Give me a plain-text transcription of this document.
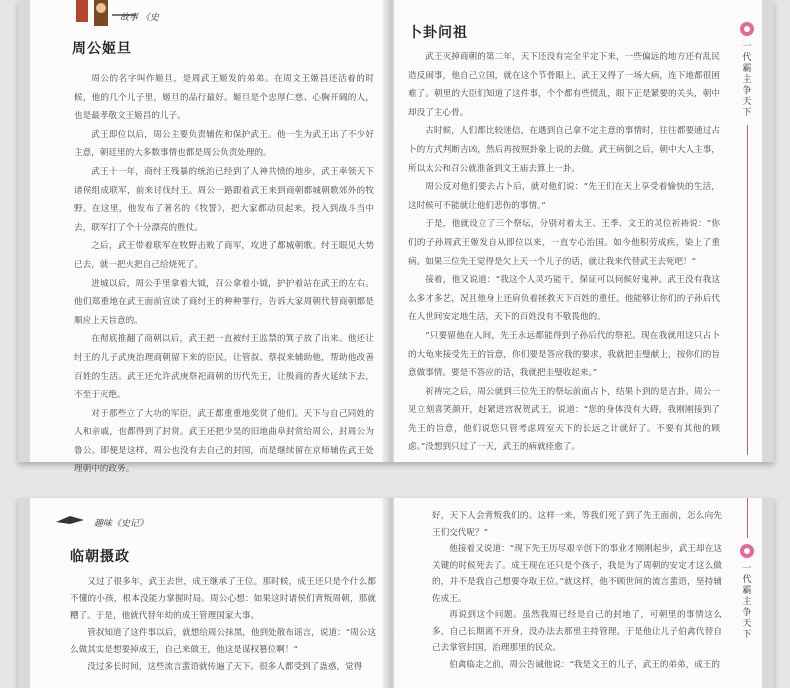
故事 《史
周公姬旦

周公的名字叫作姬旦，是周武王姬发的弟弟。在周文王姬昌还活着的时候，他的几个儿子里，姬旦的品行最好。姬旦是个忠厚仁慈、心胸开阔的人，也是最孝敬文王姬昌的儿子。

武王即位以后，周公主要负责辅佐和保护武王。他一生为武王出了不少好主意，朝廷里的大多数事情也都是周公负责处理的。

武王十一年，商纣王残暴的统治已经到了人神共愤的地步，武王率领天下诸侯组成联军，前来讨伐纣王。周公一路跟着武王来到商朝都城朝歌郊外的牧野。在这里，他发布了著名的《牧誓》，把大家都动员起来，投入到战斗当中去，联军打了个十分漂亮的胜仗。

之后，武王带着联军在牧野击败了商军，攻进了都城朝歌。纣王眼见大势已去，就一把火把自己给烧死了。

进城以后，周公手里拿着大钺，召公拿着小钺，护护着站在武王的左右。他们郑重地在武王面前宣读了商纣王的种种罪行，告诉大家周朝代替商朝都是顺应上天旨意的。

在彻底推翻了商朝以后，武王把一直被纣王监禁的箕子放了出来。他还让纣王的儿子武庚治理商朝留下来的臣民，让管叔、蔡叔来辅助他，帮助他改善百姓的生活。武王还允许武庚祭祀商朝的历代先王，让殷商的香火延续下去，不至于灭绝。

对于那些立了大功的军臣，武王都重重地奖赏了他们。天下与自己同姓的人和亲戚，也都得到了封赏。武王还把少昊的旧地曲阜封赏给周公，封周公为鲁公。即便是这样，周公也没有去自己的封国，而是继续留在京师辅佐武王处理朝中的政务。

卜卦问祖

武王灭掉商朝的第二年，天下还没有完全平定下来，一些偏远的地方还有乱民造反闹事，他自己立国，就在这个节骨眼上，武王又得了一场大病，连下地都很困难了。朝里的大臣们知道了这件事，个个都有些慌乱，眼下正是紧要的关头，朝中却没了主心骨。

古时候，人们都比较迷信，在遇到自己拿不定主意的事情时，往往都要通过占卜的方式判断吉凶，然后再按照卦象上说的去做。武王病倒之后，朝中大人主事，所以太公和召公就准备到文王庙去算上一卦。

周公反对他们要去占卜后，就对他们说：“先王们在天上享受着愉快的生活，这时候可不能就让他们悲伤的事情。”

于是，他就设立了三个祭坛，分别对着太王、王季、文王的灵位祈祷说：“你们的子孙周武王姬发自从即位以来，一直专心治国。如今他积劳成疾，染上了重病。如果三位先王觉得是欠上天一个儿子的话，就让我来代替武王去死吧！”

接着，他又说道：“我这个人灵巧能干，保证可以伺候好鬼神。武王没有我这么多才多艺，况且他身上还肩负着拯救天下百姓的重任。他能够让你们的子孙后代在人世间安定地生活，天下的百姓没有不敬畏他的。

“只要留他在人间，先王永远都能得到子孙后代的祭祀。现在我就用这只占卜的大龟来接受先王的旨意，你们要是答应我的要求，我就把圭璧献上，按你们的旨意做事情。要是不答应的话，我就把圭璧收起来。”

祈祷完之后，周公就到三位先王的祭坛前面占卜，结果卜到的是吉卦。周公一见立刻喜笑颜开，赶紧进宫祝贺武王，说道：“您的身体没有大碍，我刚刚接到了先王的旨意，他们说您只管考虑周室天下的长远之计就好了。不要有其他的顾虑。”没想到只过了一天，武王的病就痊愈了。

一代霸主争天下
趣味《史记》
临朝摄政

又过了很多年，武王去世，成王继承了王位。那时候，成王还只是个什么都不懂的小孩，根本没能力掌握时局。周公心想：如果这时诸侯们背叛周朝，那就糟了。于是，他就代替年幼的成王管理国家大事。

管叔知道了这件事以后，就想给周公抹黑，他到处散布谣言，说道：“周公这么做其实是想要掉成王，自己来做王，他这是谋权篡位啊！”

没过多长时间，这些流言蜚语就传遍了天下。很多人都受到了蛊惑，觉得

好，天下人会背叛我们的。这样一来，等我们死了到了先王面前，怎么向先王们交代呢？”

他接着又说道：“现下先王历尽艰辛创下的事业才刚刚起步，武王却在这关键的时候死去了。成王现在还只是个孩子，我是为了周朝的安定才这么做的，并不是我自己想要夺取王位。”就这样，他不顾世间的流言蜚语，坚持辅佐成王。

再说到这个问题。虽然我周已经是自己的封地了，可朝里的事情这么多，自己长期离不开身，没办法去那里主持管理。于是他让儿子伯禽代替自己去掌管封国，治理那里的民众。

伯禽临走之前，周公告诫他说：“我是文王的儿子，武王的弟弟，成王的

一代霸主争天下
